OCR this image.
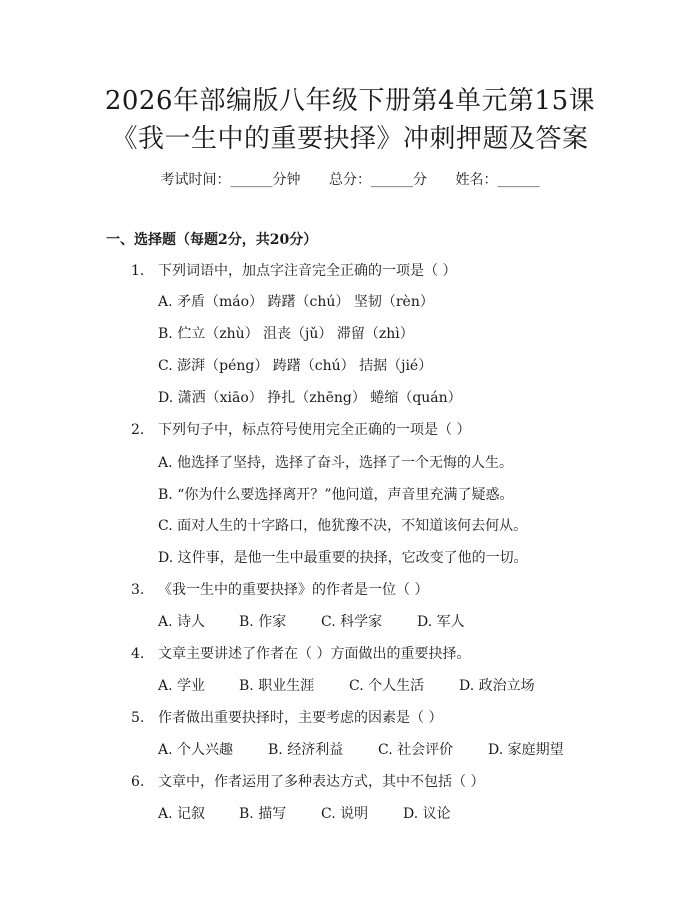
2026年部编版八年级下册第4单元第15课
《我一生中的重要抉择》冲刺押题及答案
考试时间：______分钟 总分：______分 姓名：______
一、选择题（每题2分，共20分）
1. 下列词语中，加点字注音完全正确的一项是（ ）
A. 矛盾（máo） 踌躇（chú） 坚韧（rèn）
B. 伫立（zhù） 沮丧（jǔ） 滞留（zhì）
C. 澎湃（péng） 踌躇（chú） 拮据（jié）
D. 潇洒（xiāo） 挣扎（zhēng） 蜷缩（quán）
2. 下列句子中，标点符号使用完全正确的一项是（ ）
A. 他选择了坚持，选择了奋斗，选择了一个无悔的人生。
B. “你为什么要选择离开？”他问道，声音里充满了疑惑。
C. 面对人生的十字路口，他犹豫不决，不知道该何去何从。
D. 这件事，是他一生中最重要的抉择，它改变了他的一切。
3. 《我一生中的重要抉择》的作者是一位（ ）
A. 诗人 B. 作家 C. 科学家 D. 军人
4. 文章主要讲述了作者在（ ）方面做出的重要抉择。
A. 学业 B. 职业生涯 C. 个人生活 D. 政治立场
5. 作者做出重要抉择时，主要考虑的因素是（ ）
A. 个人兴趣 B. 经济利益 C. 社会评价 D. 家庭期望
6. 文章中，作者运用了多种表达方式，其中不包括（ ）
A. 记叙 B. 描写 C. 说明 D. 议论
